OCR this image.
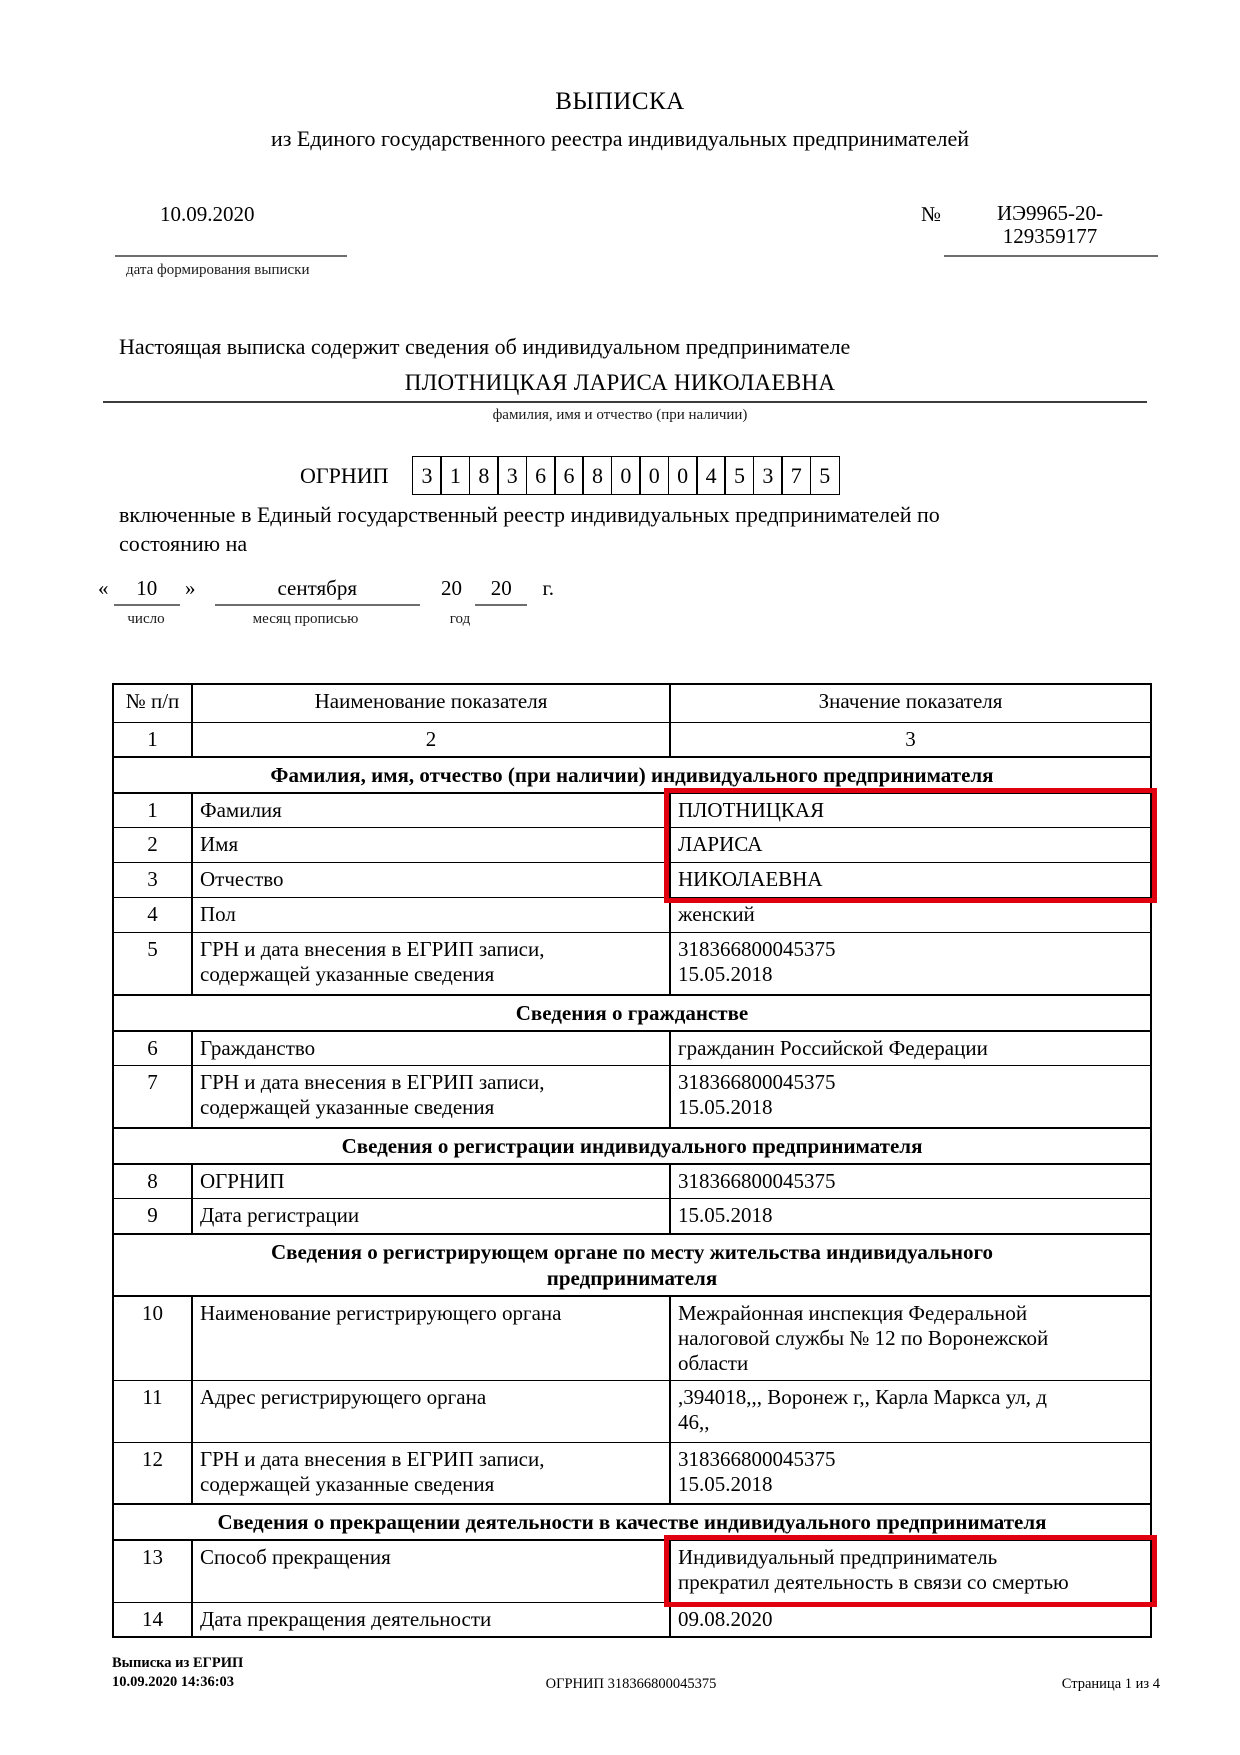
ВЫПИСКА
из Единого государственного реестра индивидуальных предпринимателей
10.09.2020	№	ИЭ9965-20-
129359177
дата формирования выписки
Настоящая выписка содержит сведения об индивидуальном предпринимателе
ПЛОТНИЦКАЯ ЛАРИСА НИКОЛАЕВНА
фамилия, имя и отчество (при наличии)
ОГРНИП	3 1 8 3 6 6 8 0 0 0 4 5 3 7 5
включенные в Единый государственный реестр индивидуальных предпринимателей по
состоянию на
« 10 »	сентября	20 20 г.
число	месяц прописью	год
№ п/п	Наименование показателя	Значение показателя
1	2	3
Фамилия, имя, отчество (при наличии) индивидуального предпринимателя		
1	Фамилия	ПЛОТНИЦКАЯ
2	Имя	ЛАРИСА
3	Отчество	НИКОЛАЕВНА
4	Пол	женский
5	ГРН и дата внесения в ЕГРИП записи,
содержащей указанные сведения	318366800045375
15.05.2018
Сведения о гражданстве		
6	Гражданство	гражданин Российской Федерации
7	ГРН и дата внесения в ЕГРИП записи,
содержащей указанные сведения	318366800045375
15.05.2018
Сведения о регистрации индивидуального предпринимателя		
8	ОГРНИП	318366800045375
9	Дата регистрации	15.05.2018
Сведения о регистрирующем органе по месту жительства индивидуального
предпринимателя		
10	Наименование регистрирующего органа	Межрайонная инспекция Федеральной
налоговой службы № 12 по Воронежской
области
11	Адрес регистрирующего органа	,394018,,, Воронеж г,, Карла Маркса ул, д
46,,
12	ГРН и дата внесения в ЕГРИП записи,
содержащей указанные сведения	318366800045375
15.05.2018
Сведения о прекращении деятельности в качестве индивидуального предпринимателя		
13	Способ прекращения	Индивидуальный предприниматель
прекратил деятельность в связи со смертью
14	Дата прекращения деятельности	09.08.2020
Выписка из ЕГРИП
10.09.2020 14:36:03	ОГРНИП 318366800045375	Страница 1 из 4
